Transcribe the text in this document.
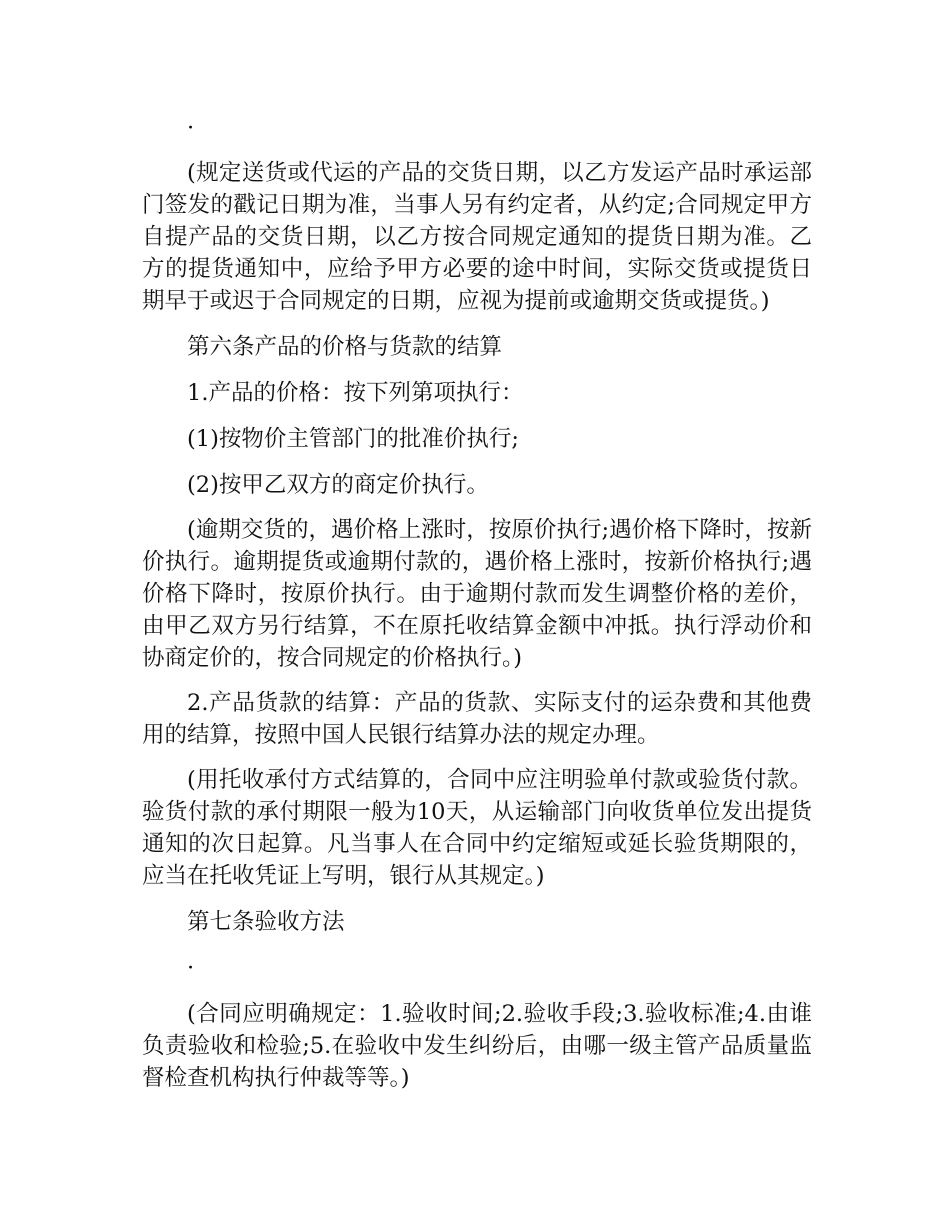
·

(规定送货或代运的产品的交货日期，以乙方发运产品时承运部门签发的戳记日期为准，当事人另有约定者，从约定;合同规定甲方自提产品的交货日期，以乙方按合同规定通知的提货日期为准。乙方的提货通知中，应给予甲方必要的途中时间，实际交货或提货日期早于或迟于合同规定的日期，应视为提前或逾期交货或提货。)

第六条产品的价格与货款的结算

1.产品的价格：按下列第项执行：

(1)按物价主管部门的批准价执行;

(2)按甲乙双方的商定价执行。

(逾期交货的，遇价格上涨时，按原价执行;遇价格下降时，按新价执行。逾期提货或逾期付款的，遇价格上涨时，按新价格执行;遇价格下降时，按原价执行。由于逾期付款而发生调整价格的差价，由甲乙双方另行结算，不在原托收结算金额中冲抵。执行浮动价和协商定价的，按合同规定的价格执行。)

2.产品货款的结算：产品的货款、实际支付的运杂费和其他费用的结算，按照中国人民银行结算办法的规定办理。

(用托收承付方式结算的，合同中应注明验单付款或验货付款。验货付款的承付期限一般为10天，从运输部门向收货单位发出提货通知的次日起算。凡当事人在合同中约定缩短或延长验货期限的，应当在托收凭证上写明，银行从其规定。)

第七条验收方法

·

(合同应明确规定：1.验收时间;2.验收手段;3.验收标准;4.由谁负责验收和检验;5.在验收中发生纠纷后，由哪一级主管产品质量监督检查机构执行仲裁等等。)
